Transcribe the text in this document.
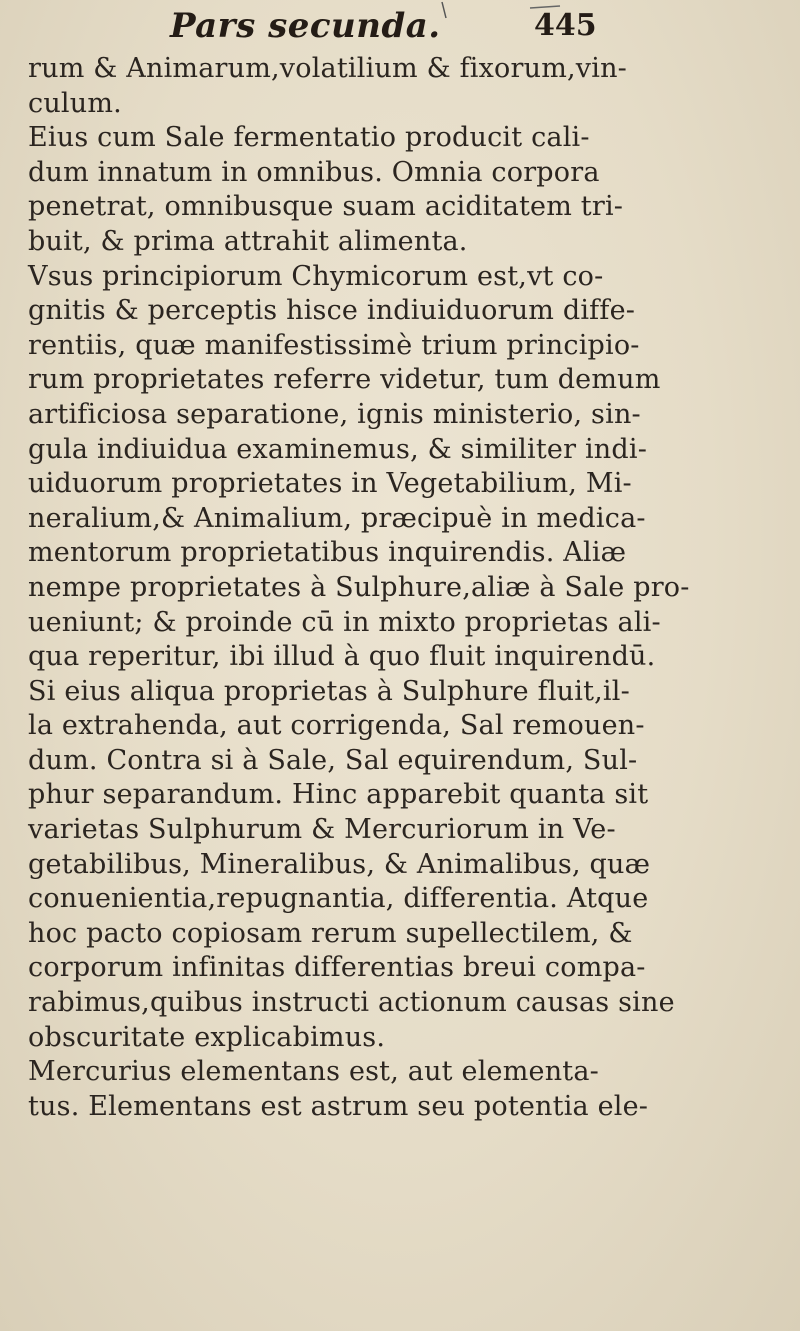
Pars secunda.	445
rum & Animarum,volatilium & fixorum,vin-
culum.
Eius cum Sale fermentatio producit cali-
dum innatum in omnibus. Omnia corpora
penetrat, omnibusque suam aciditatem tri-
buit, & prima attrahit alimenta.
Vsus principiorum Chymicorum est,vt co-
gnitis & perceptis hisce indiuiduorum diffe-
rentiis, quæ manifestissimè trium principio-
rum proprietates referre videtur, tum demum
artificiosa separatione, ignis ministerio, sin-
gula indiuidua examinemus, & similiter indi-
uiduorum proprietates in Vegetabilium, Mi-
neralium,& Animalium, præcipuè in medica-
mentorum proprietatibus inquirendis. Aliæ
nempe proprietates à Sulphure,aliæ à Sale pro-
ueniunt; & proinde cū in mixto proprietas ali-
qua reperitur, ibi illud à quo fluit inquirendū.
Si eius aliqua proprietas à Sulphure fluit,il-
la extrahenda, aut corrigenda, Sal remouen-
dum. Contra si à Sale, Sal equirendum, Sul-
phur separandum. Hinc apparebit quanta sit
varietas Sulphurum & Mercuriorum in Ve-
getabilibus, Mineralibus, & Animalibus, quæ
conuenientia,repugnantia, differentia. Atque
hoc pacto copiosam rerum supellectilem, &
corporum infinitas differentias breui compa-
rabimus,quibus instructi actionum causas sine
obscuritate explicabimus.
Mercurius elementans est, aut elementa-
tus. Elementans est astrum seu potentia ele-
